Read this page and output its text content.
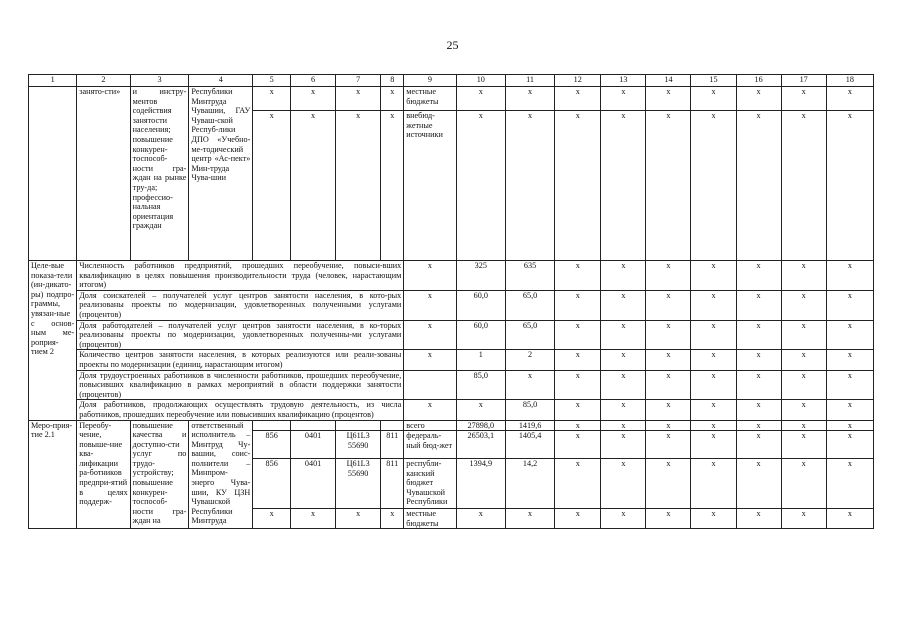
25
1	2	3	4	5	6	7	8	9	10	11	12	13	14	15	16	17	18
	занято-сти»	и инстру-ментов содействия занятости населения; повышение конкурен-тоспособ-ности гра-ждан на рынке тру-да; профессио-нальная ориентация граждан	Республики Минтруда Чувашии, ГАУ Чуваш-ской Респуб-лики ДПО «Учебно-ме-тодический центр «Ас-пект» Мин-труда Чува-шии	x	x	x	x	местные бюджеты	x	x	x	x	x	x	x	x	x
				x	x	x	x	внебюд-жетные источники	x	x	x	x	x	x	x	x	x
Целе-вые показа-тели (ин-дикато-ры) подпро-граммы, увязан-ные с основ-ным ме-роприя-тием 2	Численность работников предприятий, прошедших переобучение, повыси-вших квалификацию в целях повышения производительности труда (человек, нарастающим итогом)							x	325	635	x	x	x	x	x	x	x
	Доля соискателей – получателей услуг центров занятости населения, в кото-рых реализованы проекты по модернизации, удовлетворенных полученными услугами (процентов)							x	60,0	65,0	x	x	x	x	x	x	x
	Доля работодателей – получателей услуг центров занятости населения, в ко-торых реализованы проекты по модернизации, удовлетворенных полученны-ми услугами (процентов)							x	60,0	65,0	x	x	x	x	x	x	x
	Количество центров занятости населения, в которых реализуются или реали-зованы проекты по модернизации (единиц, нарастающим итогом)							x	1	2	x	x	x	x	x	x	x
	Доля трудоустроенных работников в численности работников, прошедших переобучение, повысивших квалификацию в рамках мероприятий в области поддержки занятости (процентов)								85,0	x	x	x	x	x	x	x	x
	Доля работников, продолжающих осуществлять трудовую деятельность, из числа работников, прошедших переобучение или повысивших квалификацию (процентов)							x	x	85,0	x	x	x	x	x	x	x
Меро-прия-тие 2.1	Переобу-чение, повыше-ние ква-лификации ра-ботников предпри-ятий в целях поддерж-	повышение качества и доступно-сти услуг по трудо-устройству; повышение конкурен-тоспособ-ности гра-ждан на	ответственный исполнитель – Минтруд Чу-вашии, соис-полнители – Минпром-энерго Чува-шии, КУ ЦЗН Чувашской Республики Минтруда					всего	27898,0	1419,6	x	x	x	x	x	x	x
				856	0401	Ц61L3 55690	811	федераль-ный бюд-жет	26503,1	1405,4	x	x	x	x	x	x	x
				856	0401	Ц61L3 55690	811	республи-канский бюджет Чувашской Республики	1394,9	14,2	x	x	x	x	x	x	x
				x	x	x	x	местные бюджеты	x	x	x	x	x	x	x	x	x
